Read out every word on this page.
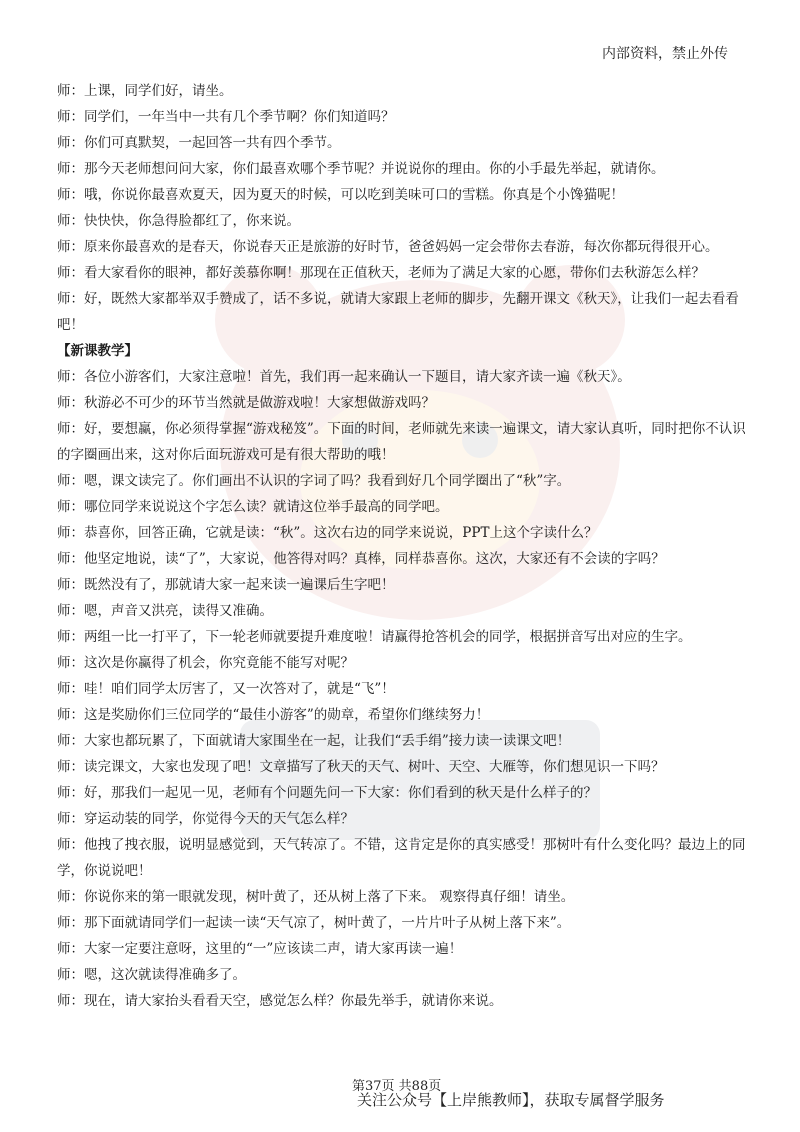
内部资料，禁止外传

师：上课，同学们好，请坐。

师：同学们，一年当中一共有几个季节啊？你们知道吗？

师：你们可真默契，一起回答一共有四个季节。

师：那今天老师想问问大家，你们最喜欢哪个季节呢？并说说你的理由。你的小手最先举起，就请你。

师：哦，你说你最喜欢夏天，因为夏天的时候，可以吃到美味可口的雪糕。你真是个小馋猫呢！

师：快快快，你急得脸都红了，你来说。

师：原来你最喜欢的是春天，你说春天正是旅游的好时节，爸爸妈妈一定会带你去春游，每次你都玩得很开心。

师：看大家看你的眼神，都好羡慕你啊！那现在正值秋天，老师为了满足大家的心愿，带你们去秋游怎么样？

师：好，既然大家都举双手赞成了，话不多说，就请大家跟上老师的脚步，先翻开课文《秋天》，让我们一起去看看吧！

【新课教学】

师：各位小游客们，大家注意啦！首先，我们再一起来确认一下题目，请大家齐读一遍《秋天》。

师：秋游必不可少的环节当然就是做游戏啦！大家想做游戏吗？

师：好，要想赢，你必须得掌握“游戏秘笈”。下面的时间，老师就先来读一遍课文，请大家认真听，同时把你不认识的字圈画出来，这对你后面玩游戏可是有很大帮助的哦！

师：嗯，课文读完了。你们画出不认识的字词了吗？我看到好几个同学圈出了“秋”字。

师：哪位同学来说说这个字怎么读？就请这位举手最高的同学吧。

师：恭喜你，回答正确，它就是读：“秋”。这次右边的同学来说说，PPT上这个字读什么？

师：他坚定地说，读“了”，大家说，他答得对吗？真棒，同样恭喜你。这次，大家还有不会读的字吗？

师：既然没有了，那就请大家一起来读一遍课后生字吧！

师：嗯，声音又洪亮，读得又准确。

师：两组一比一打平了，下一轮老师就要提升难度啦！请赢得抢答机会的同学，根据拼音写出对应的生字。

师：这次是你赢得了机会，你究竟能不能写对呢？

师：哇！咱们同学太厉害了，又一次答对了，就是“飞”！

师：这是奖励你们三位同学的“最佳小游客”的勋章，希望你们继续努力！

师：大家也都玩累了，下面就请大家围坐在一起，让我们“丢手绢”接力读一读课文吧！

师：读完课文，大家也发现了吧！文章描写了秋天的天气、树叶、天空、大雁等，你们想见识一下吗？

师：好，那我们一起见一见，老师有个问题先问一下大家：你们看到的秋天是什么样子的？

师：穿运动装的同学，你觉得今天的天气怎么样？

师：他拽了拽衣服，说明显感觉到，天气转凉了。不错，这肯定是你的真实感受！那树叶有什么变化吗？最边上的同学，你说说吧！

师：你说你来的第一眼就发现，树叶黄了，还从树上落了下来。 观察得真仔细！请坐。

师：那下面就请同学们一起读一读“天气凉了，树叶黄了，一片片叶子从树上落下来”。

师：大家一定要注意呀，这里的“一”应该读二声，请大家再读一遍！

师：嗯，这次就读得准确多了。

师：现在，请大家抬头看看天空，感觉怎么样？你最先举手，就请你来说。

第37页 共88页
关注公众号【上岸熊教师】，获取专属督学服务
